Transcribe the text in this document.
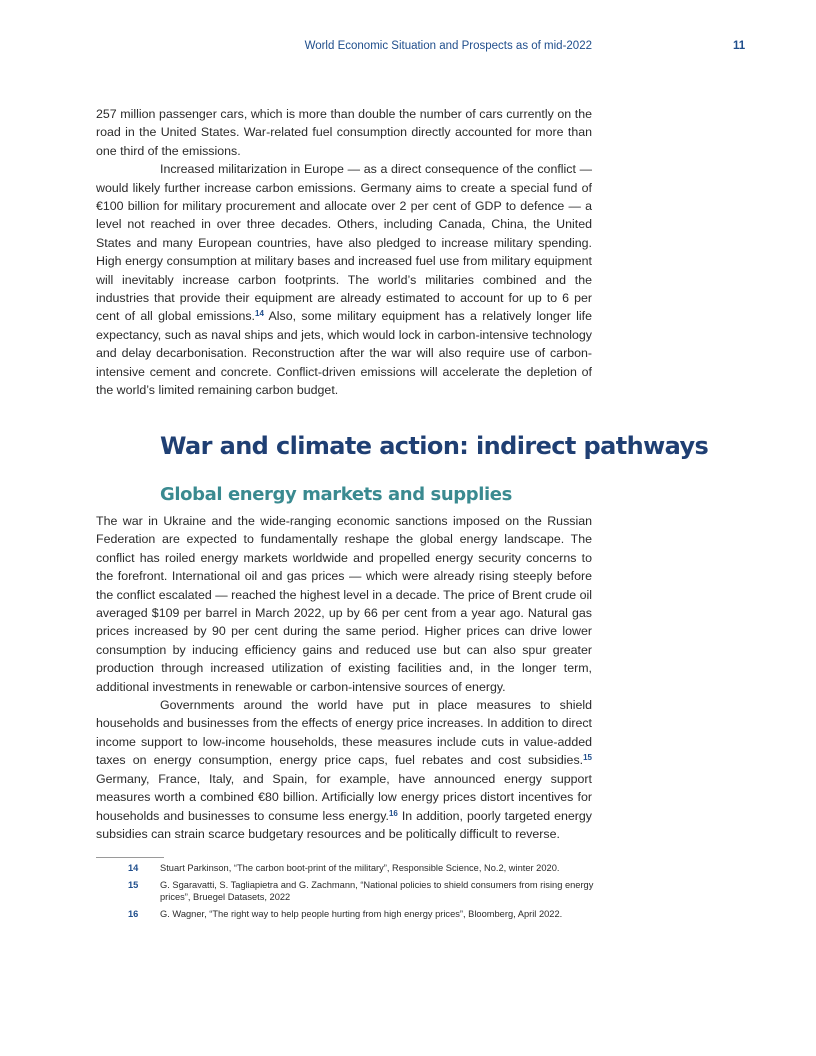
World Economic Situation and Prospects as of mid-2022	11

257 million passenger cars, which is more than double the number of cars currently on the road in the United States. War-related fuel consumption directly accounted for more than one third of the emissions.

Increased militarization in Europe — as a direct consequence of the conflict — would likely further increase carbon emissions. Germany aims to create a special fund of €100 billion for military procurement and allocate over 2 per cent of GDP to defence — a level not reached in over three decades. Others, including Canada, China, the United States and many European countries, have also pledged to increase military spending. High energy consumption at military bases and increased fuel use from military equipment will inevitably increase carbon footprints. The world’s militaries combined and the industries that provide their equipment are already estimated to account for up to 6 per cent of all global emissions.$^{14}$ Also, some military equipment has a relatively longer life expectancy, such as naval ships and jets, which would lock in carbon-intensive technology and delay decarbonisation. Reconstruction after the war will also require use of carbon-intensive cement and concrete. Conflict-driven emissions will accelerate the depletion of the world’s limited remaining carbon budget.

War and climate action: indirect pathways
Global energy markets and supplies

The war in Ukraine and the wide-ranging economic sanctions imposed on the Russian Federation are expected to fundamentally reshape the global energy landscape. The conflict has roiled energy markets worldwide and propelled energy security concerns to the forefront. International oil and gas prices — which were already rising steeply before the conflict escalated — reached the highest level in a decade. The price of Brent crude oil averaged $109 per barrel in March 2022, up by 66 per cent from a year ago. Natural gas prices increased by 90 per cent during the same period. Higher prices can drive lower consumption by inducing efficiency gains and reduced use but can also spur greater production through increased utilization of existing facilities and, in the longer term, additional investments in renewable or carbon-intensive sources of energy.

Governments around the world have put in place measures to shield households and businesses from the effects of energy price increases. In addition to direct income support to low-income households, these measures include cuts in value-added taxes on energy consumption, energy price caps, fuel rebates and cost subsidies.$^{15}$ Germany, France, Italy, and Spain, for example, have announced energy support measures worth a combined €80 billion. Artificially low energy prices distort incentives for households and businesses to consume less energy.$^{16}$ In addition, poorly targeted energy subsidies can strain scarce budgetary resources and be politically difficult to reverse.

14	Stuart Parkinson, “The carbon boot-print of the military”, Responsible Science, No.2, winter 2020.
15	G. Sgaravatti, S. Tagliapietra and G. Zachmann, “National policies to shield consumers from rising energy prices”, Bruegel Datasets, 2022
16	G. Wagner, “The right way to help people hurting from high energy prices”, Bloomberg, April 2022.
